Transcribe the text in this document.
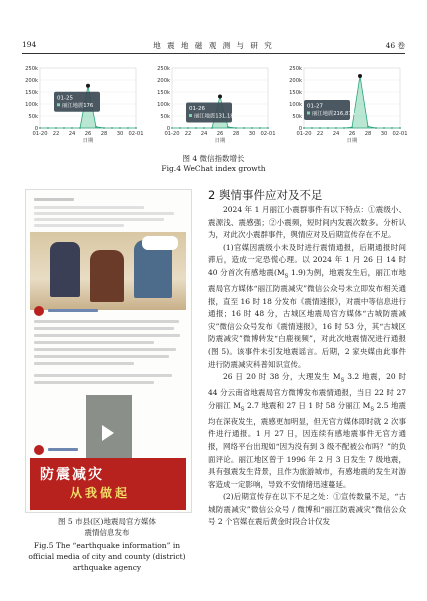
194	地 震 地 磁 观 测 与 研 究	46 卷
0
50k
100k
150k
200k
250k
01-20 22 24 26 28 30 02-01
日期
01-25
丽江地震176
0
50k
100k
150k
200k
250k
01-20 22 24 26 28 30 02-01
日期
01-26
丽江地震131,186
0
50k
100k
150k
200k
250k
01-20 22 24 26 28 30 02-01
日期
01-27
丽江地震216,876
图 4 微信指数增长
Fig.4 WeChat index growth
防震减灾
从我做起
图 5 市县(区)地震局官方媒体
震情信息发布
Fig.5 The “earthquake information” in
official media of city and county (district)
arthquake agency
2 舆情事件应对及不足

2024 年 1 月丽江小震群事件有以下特点：①震级小、震源浅、震感强；②小震频，短时间内发震次数多。分析认为，对此次小震群事件，舆情应对及后期宣传存在不足。

(1)官媒因震级小未及时进行震情通报，后期通报时间滞后，造成一定恐慌心理。以 2024 年 1 月 26 日 14 时 40 分首次有感地震($M_S$ 1.9)为例，地震发生后，丽江市地震局官方媒体“丽江防震减灾”微信公众号未立即发布相关通报，直至 16 时 18 分发布《震情速报》，对震中等信息进行通报；16 时 48 分，古城区地震局官方媒体“古城防震减灾”微信公众号发布《震情速报》，16 时 53 分，其“古城区防震减灾”微博转发“白鹿视频”，对此次地震情况进行通报(图 5)。该事件未引发地震谣言。后期，2 家央媒由此事件进行防震减灾科普知识宣传。

26 日 20 时 38 分，大理发生 $M_S$ 3.2 地震，20 时 44 分云南省地震局官方微博发布震情通报，当日 22 时 27 分丽江 $M_S$ 2.7 地震和 27 日 1 时 58 分丽江 $M_S$ 2.5 地震均在深夜发生，震感更加明显，但无官方媒体即时就 2 次事件进行通报。1 月 27 日，因连续有感地震事件无官方通报，网络平台出现如“因为没有到 3 级不配被公布吗？”的负面评论。丽江地区曾于 1996 年 2 月 3 日发生 7 级地震，具有强震发生背景，且作为旅游城市，有感地震的发生对游客造成一定影响，导致不安情绪迅速蔓延。

(2)后期宣传存在以下不足之处：①宣传数量不足，“古城防震减灾”微信公众号 / 微博和“丽江防震减灾”微信公众号 2 个官媒在震后黄金时段合计仅发
